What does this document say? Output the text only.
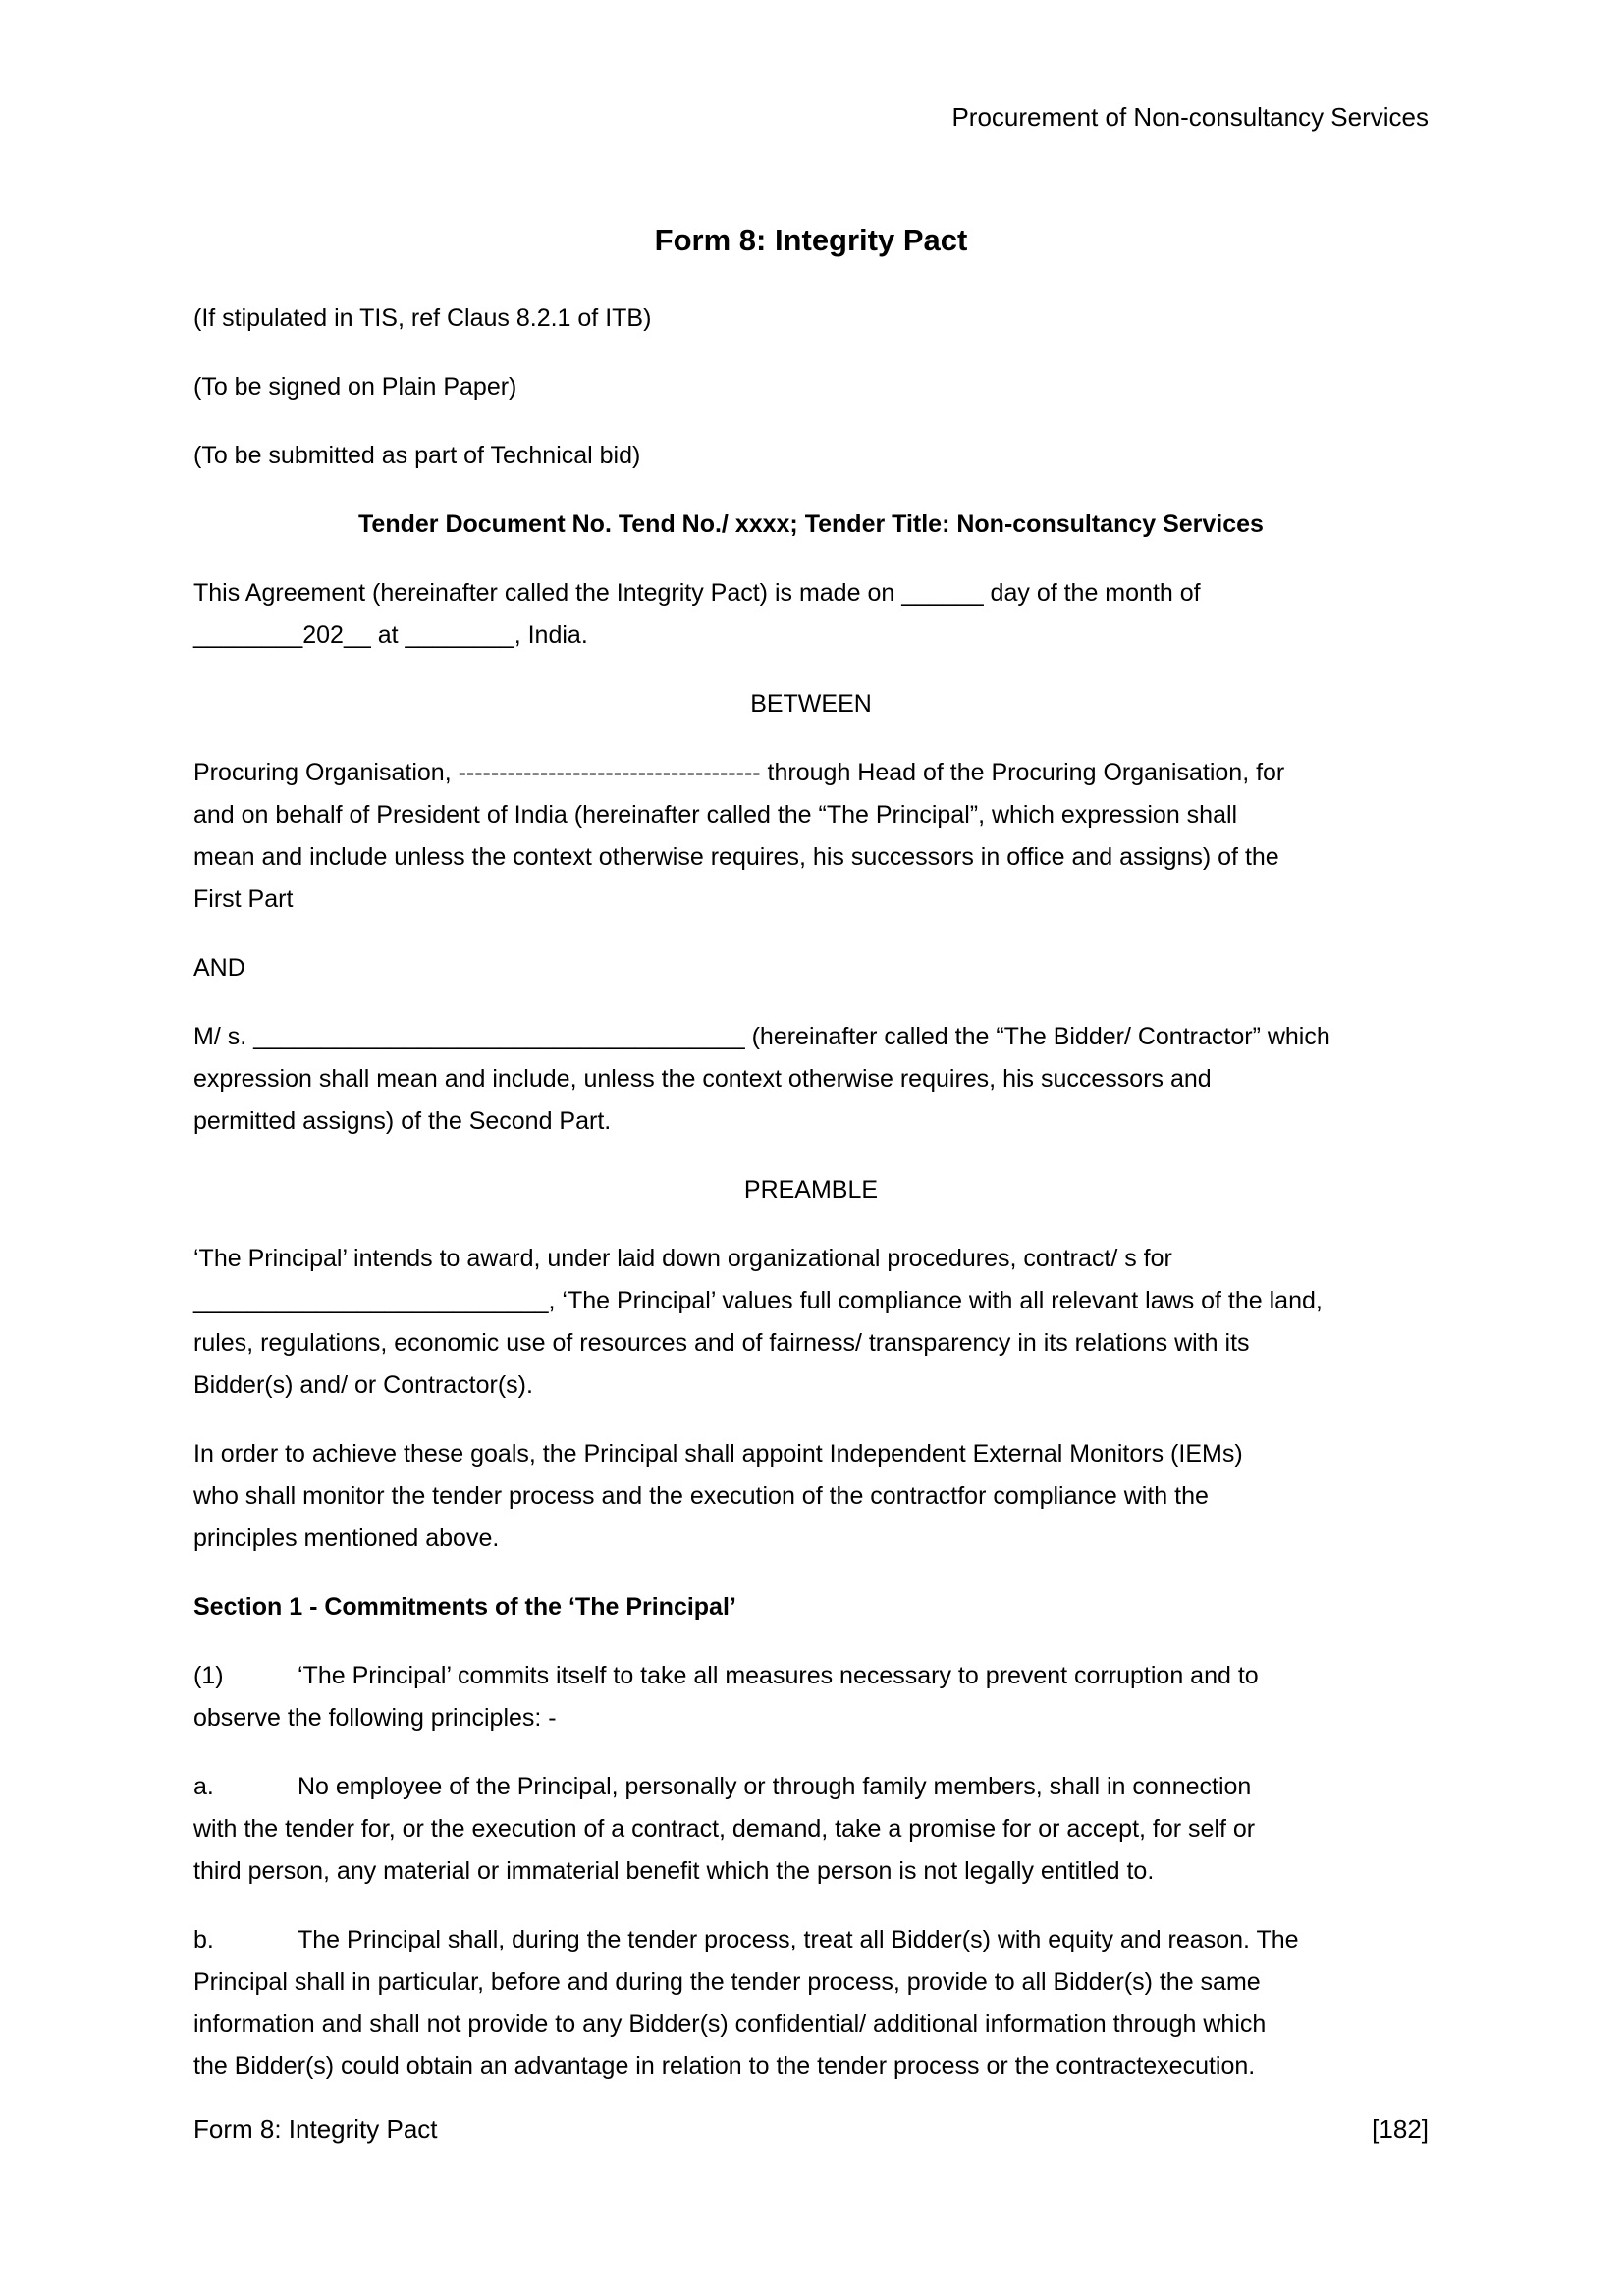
Procurement of Non-consultancy Services
Form 8: Integrity Pact

(If stipulated in TIS, ref Claus 8.2.1 of ITB)

(To be signed on Plain Paper)

(To be submitted as part of Technical bid)

Tender Document No. Tend No./ xxxx; Tender Title: Non-consultancy Services

This Agreement (hereinafter called the Integrity Pact) is made on ______ day of the month of
________202__ at ________, India.

BETWEEN

Procuring Organisation, ------------------------------------- through Head of the Procuring Organisation, for
and on behalf of President of India (hereinafter called the “The Principal”, which expression shall
mean and include unless the context otherwise requires, his successors in office and assigns) of the
First Part

AND

M/ s. ____________________________________ (hereinafter called the “The Bidder/ Contractor” which
expression shall mean and include, unless the context otherwise requires, his successors and
permitted assigns) of the Second Part.

PREAMBLE

‘The Principal’ intends to award, under laid down organizational procedures, contract/ s for
__________________________, ‘The Principal’ values full compliance with all relevant laws of the land,
rules, regulations, economic use of resources and of fairness/ transparency in its relations with its
Bidder(s) and/ or Contractor(s).

In order to achieve these goals, the Principal shall appoint Independent External Monitors (IEMs)
who shall monitor the tender process and the execution of the contractfor compliance with the
principles mentioned above.

Section 1 - Commitments of the ‘The Principal’

(1)	‘The Principal’ commits itself to take all measures necessary to prevent corruption and to
observe the following principles: -

a.	No employee of the Principal, personally or through family members, shall in connection
with the tender for, or the execution of a contract, demand, take a promise for or accept, for self or
third person, any material or immaterial benefit which the person is not legally entitled to.

b.	The Principal shall, during the tender process, treat all Bidder(s) with equity and reason. The
Principal shall in particular, before and during the tender process, provide to all Bidder(s) the same
information and shall not provide to any Bidder(s) confidential/ additional information through which
the Bidder(s) could obtain an advantage in relation to the tender process or the contractexecution.

Form 8: Integrity Pact	[182]
